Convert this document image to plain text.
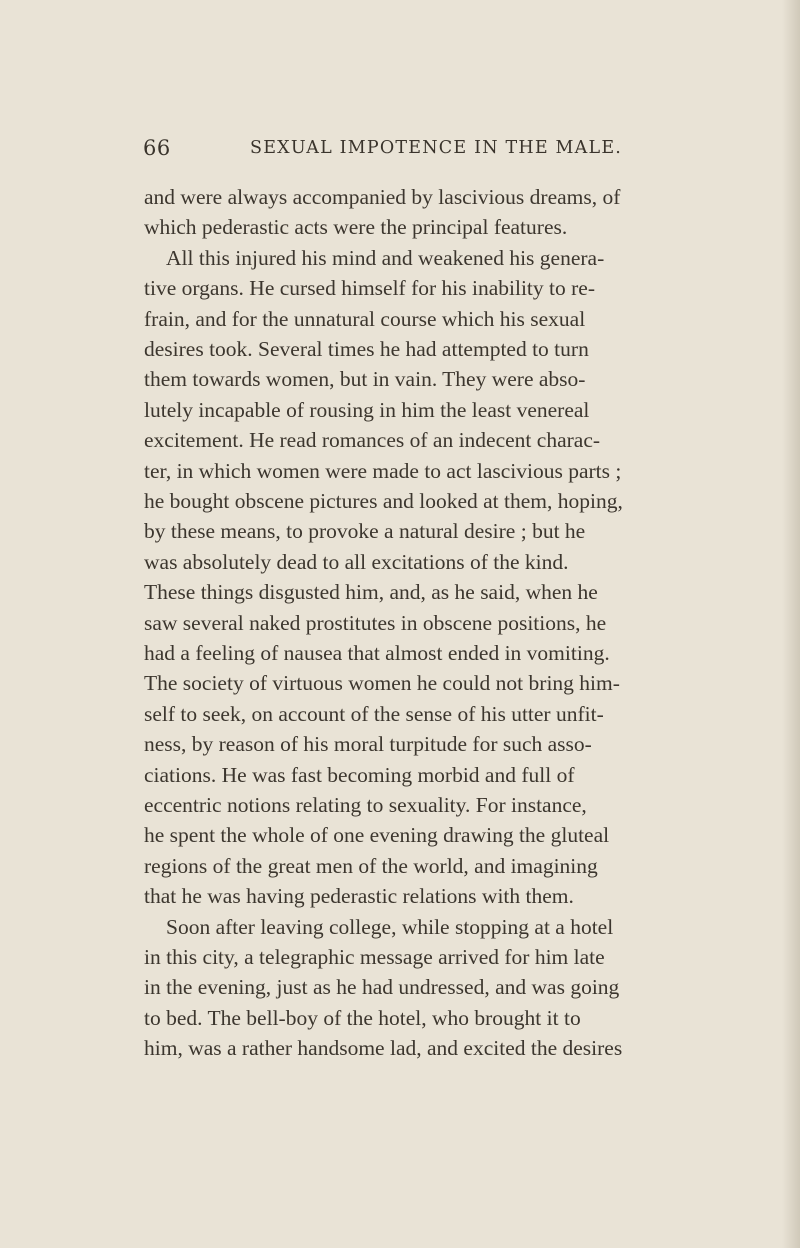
66	SEXUAL IMPOTENCE IN THE MALE.
and were always accompanied by lascivious dreams, of
which pederastic acts were the principal features.
All this injured his mind and weakened his genera-
tive organs. He cursed himself for his inability to re-
frain, and for the unnatural course which his sexual
desires took. Several times he had attempted to turn
them towards women, but in vain. They were abso-
lutely incapable of rousing in him the least venereal
excitement. He read romances of an indecent charac-
ter, in which women were made to act lascivious parts ;
he bought obscene pictures and looked at them, hoping,
by these means, to provoke a natural desire ; but he
was absolutely dead to all excitations of the kind.
These things disgusted him, and, as he said, when he
saw several naked prostitutes in obscene positions, he
had a feeling of nausea that almost ended in vomiting.
The society of virtuous women he could not bring him-
self to seek, on account of the sense of his utter unfit-
ness, by reason of his moral turpitude for such asso-
ciations. He was fast becoming morbid and full of
eccentric notions relating to sexuality. For instance,
he spent the whole of one evening drawing the gluteal
regions of the great men of the world, and imagining
that he was having pederastic relations with them.
Soon after leaving college, while stopping at a hotel
in this city, a telegraphic message arrived for him late
in the evening, just as he had undressed, and was going
to bed. The bell-boy of the hotel, who brought it to
him, was a rather handsome lad, and excited the desires
